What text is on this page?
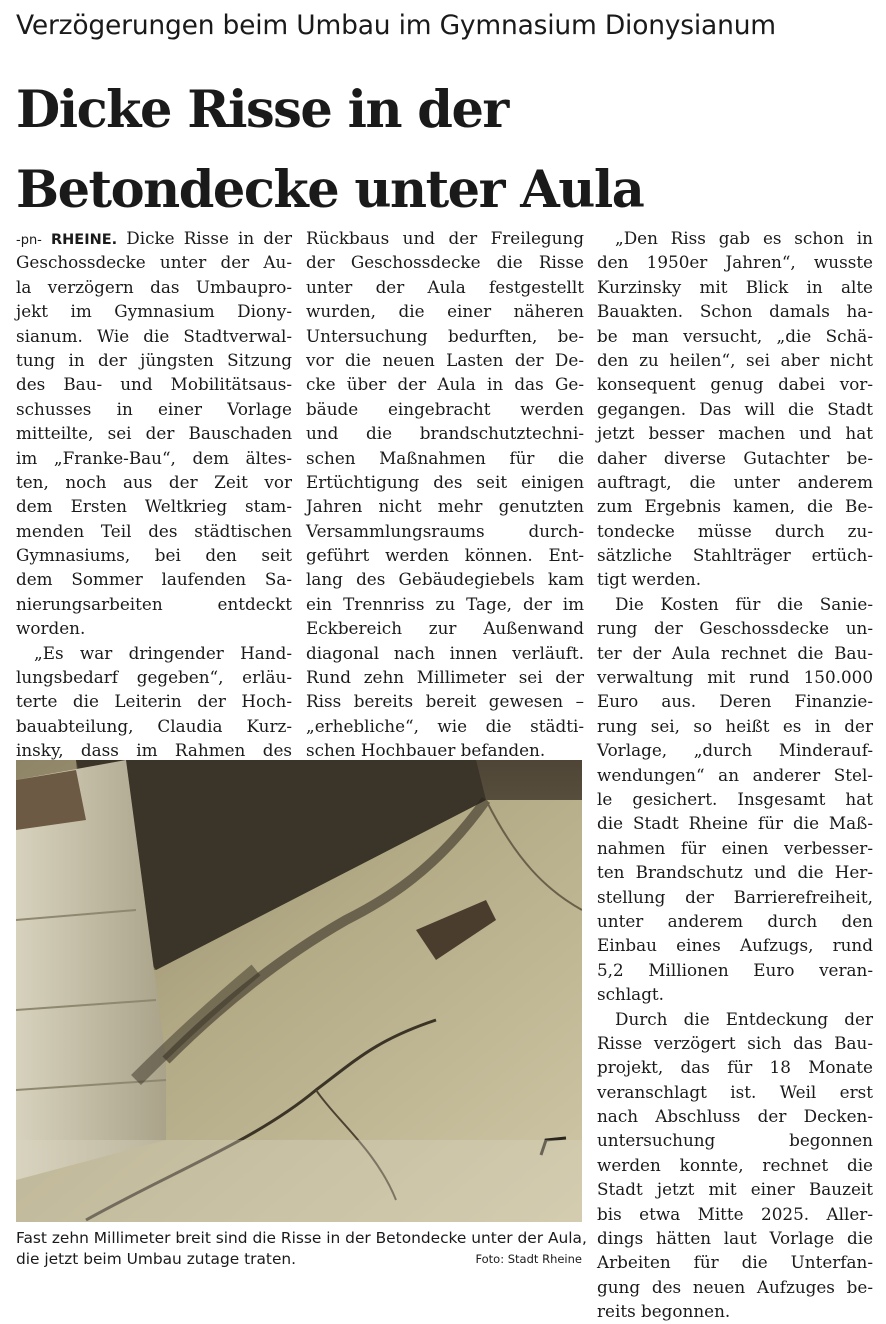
Verzögerungen beim Umbau im Gymnasium Dionysianum
Dicke Risse in der
Betondecke unter Aula
-pn- RHEINE. Dicke Risse in der
Geschossdecke unter der Au-
la verzögern das Umbaupro-
jekt im Gymnasium Diony-
sianum. Wie die Stadtverwal-
tung in der jüngsten Sitzung
des Bau- und Mobilitätsaus-
schusses in einer Vorlage
mitteilte, sei der Bauschaden
im „Franke-Bau“, dem ältes-
ten, noch aus der Zeit vor
dem Ersten Weltkrieg stam-
menden Teil des städtischen
Gymnasiums, bei den seit
dem Sommer laufenden Sa-
nierungsarbeiten entdeckt
worden.
„Es war dringender Hand-
lungsbedarf gegeben“, erläu-
terte die Leiterin der Hoch-
bauabteilung, Claudia Kurz-
insky, dass im Rahmen des
Rückbaus und der Freilegung
der Geschossdecke die Risse
unter der Aula festgestellt
wurden, die einer näheren
Untersuchung bedurften, be-
vor die neuen Lasten der De-
cke über der Aula in das Ge-
bäude eingebracht werden
und die brandschutztechni-
schen Maßnahmen für die
Ertüchtigung des seit einigen
Jahren nicht mehr genutzten
Versammlungsraums durch-
geführt werden können. Ent-
lang des Gebäudegiebels kam
ein Trennriss zu Tage, der im
Eckbereich zur Außenwand
diagonal nach innen verläuft.
Rund zehn Millimeter sei der
Riss bereits bereit gewesen –
„erhebliche“, wie die städti-
schen Hochbauer befanden.
„Den Riss gab es schon in
den 1950er Jahren“, wusste
Kurzinsky mit Blick in alte
Bauakten. Schon damals ha-
be man versucht, „die Schä-
den zu heilen“, sei aber nicht
konsequent genug dabei vor-
gegangen. Das will die Stadt
jetzt besser machen und hat
daher diverse Gutachter be-
auftragt, die unter anderem
zum Ergebnis kamen, die Be-
tondecke müsse durch zu-
sätzliche Stahlträger ertüch-
tigt werden.
Die Kosten für die Sanie-
rung der Geschossdecke un-
ter der Aula rechnet die Bau-
verwaltung mit rund 150.000
Euro aus. Deren Finanzie-
rung sei, so heißt es in der
Vorlage, „durch Minderauf-
wendungen“ an anderer Stel-
le gesichert. Insgesamt hat
die Stadt Rheine für die Maß-
nahmen für einen verbesser-
ten Brandschutz und die Her-
stellung der Barrierefreiheit,
unter anderem durch den
Einbau eines Aufzugs, rund
5,2 Millionen Euro veran-
schlagt.
Durch die Entdeckung der
Risse verzögert sich das Bau-
projekt, das für 18 Monate
veranschlagt ist. Weil erst
nach Abschluss der Decken-
untersuchung begonnen
werden konnte, rechnet die
Stadt jetzt mit einer Bauzeit
bis etwa Mitte 2025. Aller-
dings hätten laut Vorlage die
Arbeiten für die Unterfan-
gung des neuen Aufzuges be-
reits begonnen.
Fast zehn Millimeter breit sind die Risse in der Betondecke unter der Aula,
die jetzt beim Umbau zutage traten.	Foto: Stadt Rheine
